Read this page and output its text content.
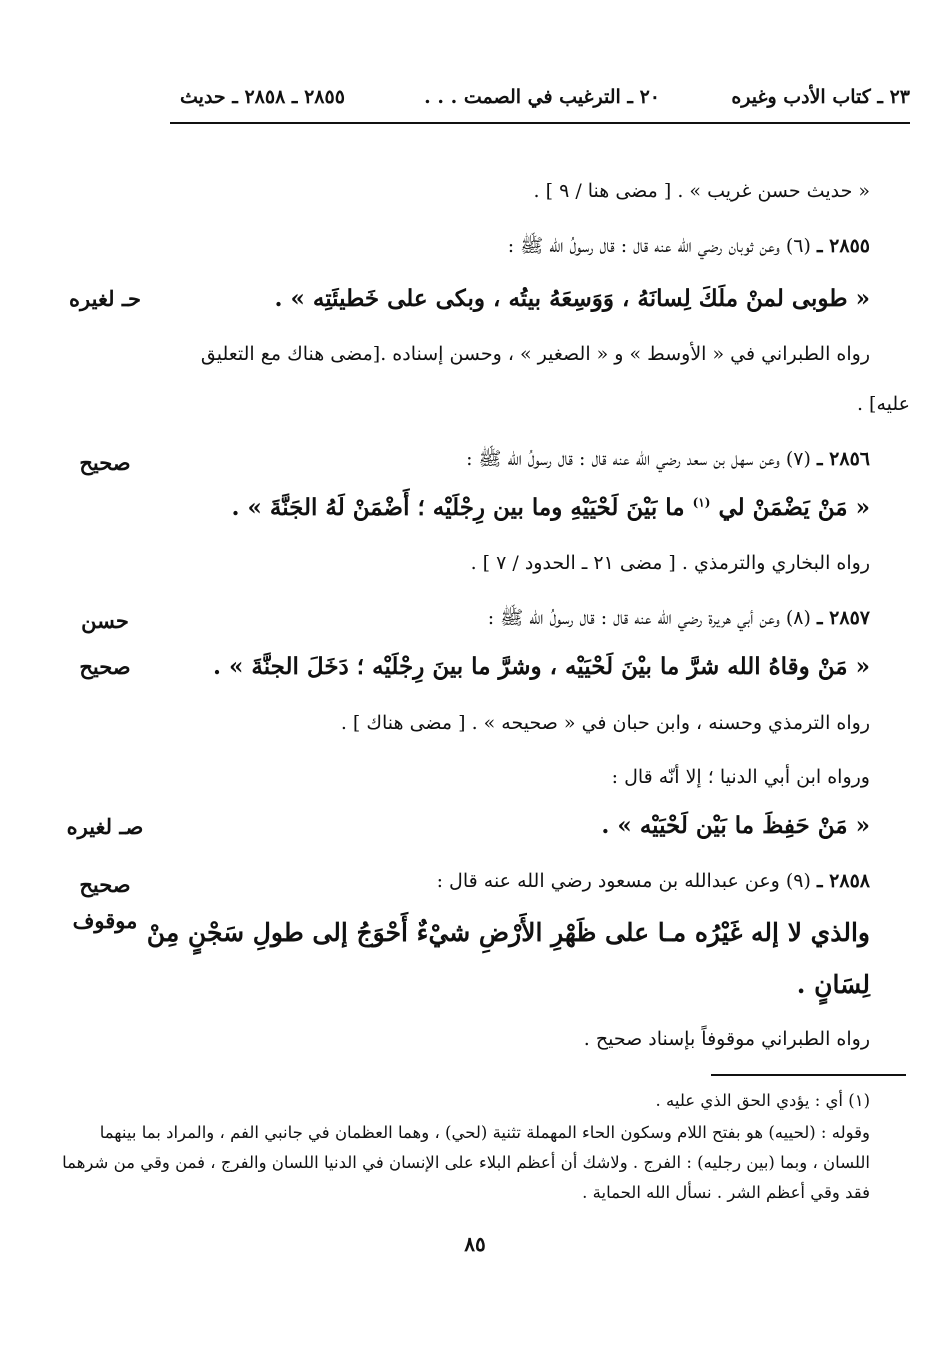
٢٣ ـ كتاب الأدب وغيره
٢٠ ـ الترغيب في الصمت . . .
٢٨٥٥ ـ ٢٨٥٨ ـ حديث
« حديث حسن غريب » . [ مضى هنا / ٩ ] .
٢٨٥٥ ـ (٦) وعن ثوبان رضي الله عنه قال : قال رسولُ الله ﷺ :
« طوبى لمنْ ملَكَ لِسانَهُ ، وَوَسِعَهُ بيتُه ، وبكى على خَطيئَتِه » .
حـ لغيره
رواه الطبراني في « الأوسط » و « الصغير » ، وحسن إسناده .[مضى هناك مع التعليق
عليه] .
٢٨٥٦ ـ (٧) وعن سهل بن سعد رضي الله عنه قال : قال رسولُ الله ﷺ :
صحيح
« مَنْ يَضْمَنْ لي $^{(١)}$ ما بَيْنَ لَحْيَيْهِ وما بين رِجْلَيْه ؛ أَضْمَنْ لَهُ الجَنَّةَ » .
رواه البخاري والترمذي . [ مضى ٢١ ـ الحدود / ٧ ] .
٢٨٥٧ ـ (٨) وعن أبي هريرة رضي الله عنه قال : قال رسولُ الله ﷺ :
حسن
صحيح	« مَنْ وقاهُ الله شرَّ ما بيْنَ لَحْيَيْه ، وشرَّ ما بينَ رِجْلَيْه ؛ دَخَلَ الجنَّةَ » .
رواه الترمذي وحسنه ، وابن حبان في « صحيحه » . [ مضى هناك ] .
ورواه ابن أبي الدنيا ؛ إلا أنّه قال :
« مَنْ حَفِظَ ما بَيْن لَحْيَيْه » .
صـ لغيره
٢٨٥٨ ـ (٩) وعن عبدالله بن مسعود رضي الله عنه قال :
صحيح
موقوف والذي لا إله غَيْرُه مـا على ظَهْرِ الأَرْضِ شيْءٌ أَحْوَجُ إلى طولِ سَجْنٍ مِنْ
لِسَانٍ .
رواه الطبراني موقوفاً بإسناد صحيح .
(١) أي : يؤدي الحق الذي عليه .
وقوله : (لحييه) هو بفتح اللام وسكون الحاء المهملة تثنية (لحي) ، وهما العظمان في جانبي الفم ، والمراد بما بينهما اللسان ، وبما (بين رجليه) : الفرج . ولاشك أن أعظم البلاء على الإنسان في الدنيا اللسان والفرج ، فمن وقي من شرهما فقد وقي أعظم الشر . نسأل الله الحماية .
٨٥
